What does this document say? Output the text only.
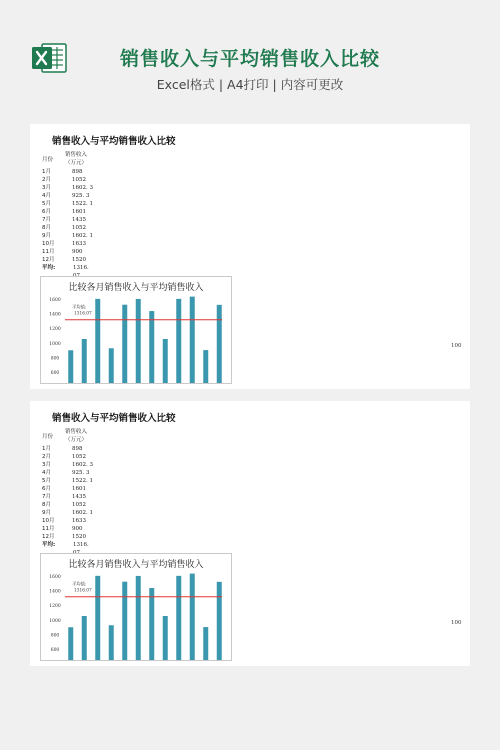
销售收入与平均销售收入比较
Excel格式 | A4打印 | 内容可更改
销售收入与平均销售收入比较
月份
销售收入（万元）
1月	898
2月	1052
3月	1602. 3
4月	925. 3
5月	1522. 1
6月	1601
7月	1435
8月	1052
9月	1602. 1
10月	1633
11月	900
12月	1520
平均:	1316.
100
比较各月销售收入与平均销售收入
600
800
1000
1200
1400
1600
平均值:
1316.07
销售收入与平均销售收入比较
月份
销售收入（万元）
1月	898
2月	1052
3月	1602. 3
4月	925. 3
5月	1522. 1
6月	1601
7月	1435
8月	1052
9月	1602. 1
10月	1633
11月	900
12月	1520
平均:	1316.
100
比较各月销售收入与平均销售收入
600
800
1000
1200
1400
1600
平均值:
1316.07
